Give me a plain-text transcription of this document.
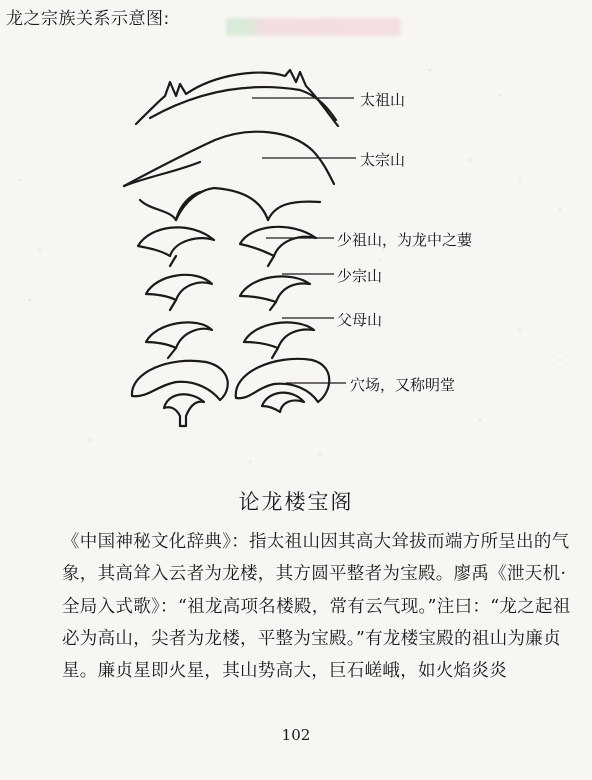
龙之宗族关系示意图:
太祖山
太宗山
少祖山，为龙中之葽
少宗山
父母山
穴场，又称明堂
论龙楼宝阁

《中国神秘文化辞典》：指太祖山因其高大耸拔而端方所呈出的气象，其高耸入云者为龙楼，其方圆平整者为宝殿。廖禹《泄天机·全局入式歌》：“祖龙高项名楼殿，常有云气现。”注曰：“龙之起祖必为高山，尖者为龙楼，平整为宝殿。”有龙楼宝殿的祖山为廉贞星。廉贞星即火星，其山势高大，巨石嵯峨，如火焰炎炎

102
